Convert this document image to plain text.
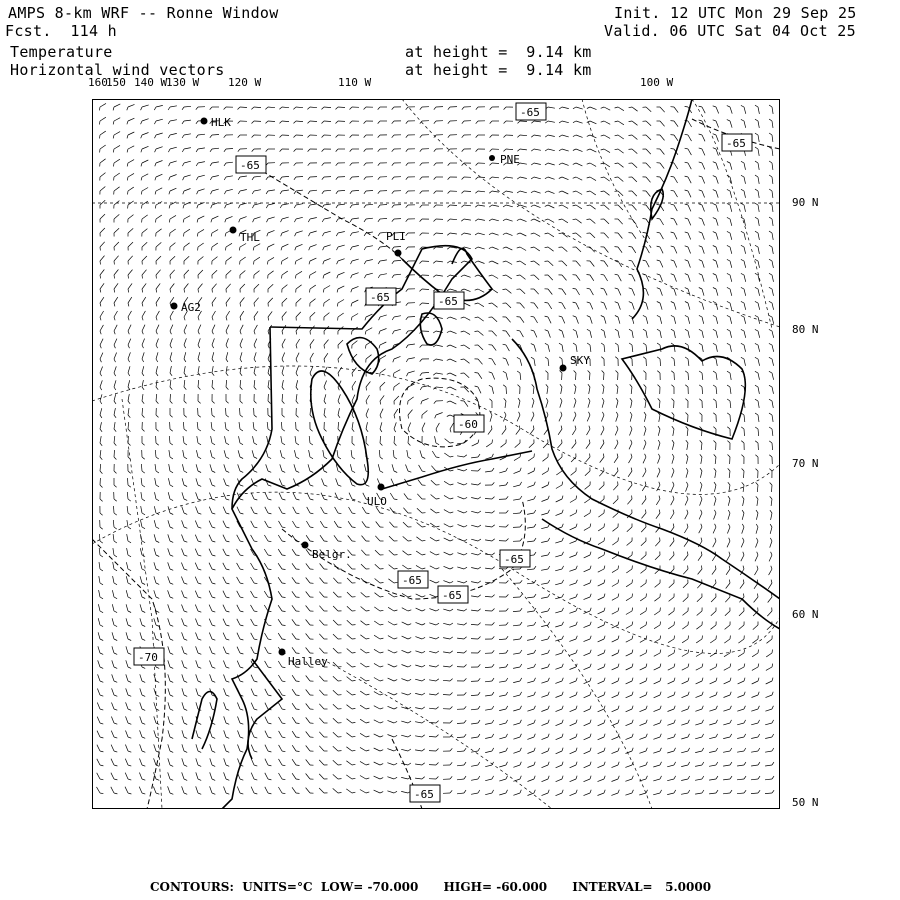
AMPS 8-km WRF -- Ronne Window
Fcst.  114 h
Init. 12 UTC Mon 29 Sep 25
Valid. 06 UTC Sat 04 Oct 25
Temperature
Horizontal wind vectors
at height =  9.14 km
at height =  9.14 km
160
150 140 W
130 W	120 W	110 W	100 W
90 N
80 N
70 N
60 N
50 N
HLK
PNE
THL	PLI
AG2
SKY
ULO
Belgr.
Halley
-65
-65
-65
-65	-65
-60
-65
-65
-65
-70
-65
CONTOURS: UNITS=°C LOW= -70.000 HIGH= -60.000 INTERVAL=   5.0000
